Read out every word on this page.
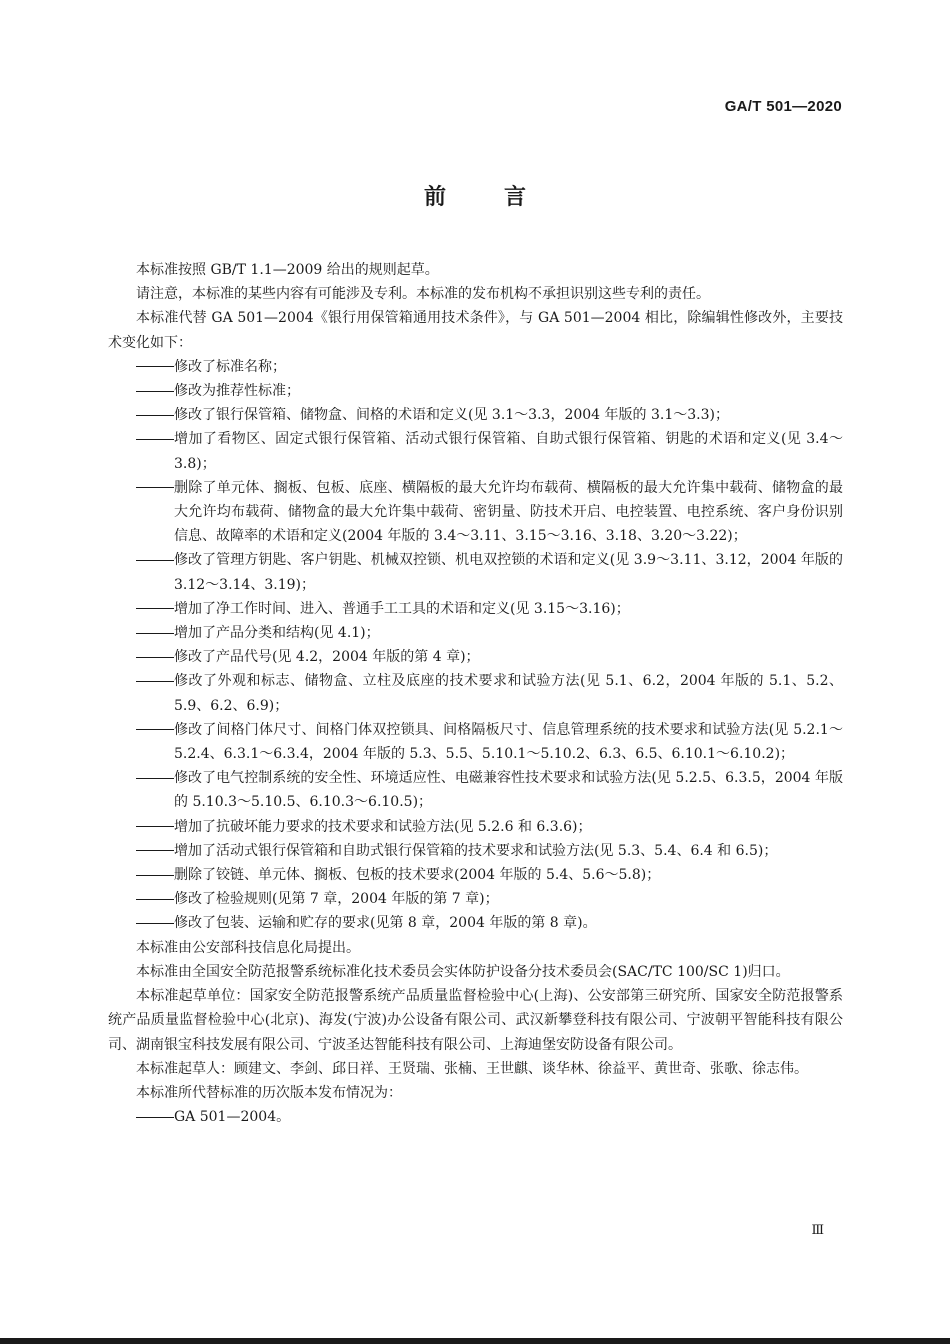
GA/T 501—2020
前言

本标准按照 GB/T 1.1—2009 给出的规则起草。

请注意，本标准的某些内容有可能涉及专利。本标准的发布机构不承担识别这些专利的责任。

本标准代替 GA 501—2004《银行用保管箱通用技术条件》，与 GA 501—2004 相比，除编辑性修改外，主要技术变化如下：

修改了标准名称；
修改为推荐性标准；
修改了银行保管箱、储物盒、间格的术语和定义(见 3.1～3.3，2004 年版的 3.1～3.3)；
增加了看物区、固定式银行保管箱、活动式银行保管箱、自助式银行保管箱、钥匙的术语和定义(见 3.4～3.8)；
删除了单元体、搁板、包板、底座、横隔板的最大允许均布载荷、横隔板的最大允许集中载荷、储物盒的最大允许均布载荷、储物盒的最大允许集中载荷、密钥量、防技术开启、电控装置、电控系统、客户身份识别信息、故障率的术语和定义(2004 年版的 3.4～3.11、3.15～3.16、3.18、3.20～3.22)；
修改了管理方钥匙、客户钥匙、机械双控锁、机电双控锁的术语和定义(见 3.9～3.11、3.12，2004 年版的 3.12～3.14、3.19)；
增加了净工作时间、进入、普通手工工具的术语和定义(见 3.15～3.16)；
增加了产品分类和结构(见 4.1)；
修改了产品代号(见 4.2，2004 年版的第 4 章)；
修改了外观和标志、储物盒、立柱及底座的技术要求和试验方法(见 5.1、6.2，2004 年版的 5.1、5.2、5.9、6.2、6.9)；
修改了间格门体尺寸、间格门体双控锁具、间格隔板尺寸、信息管理系统的技术要求和试验方法(见 5.2.1～5.2.4、6.3.1～6.3.4，2004 年版的 5.3、5.5、5.10.1～5.10.2、6.3、6.5、6.10.1～6.10.2)；
修改了电气控制系统的安全性、环境适应性、电磁兼容性技术要求和试验方法(见 5.2.5、6.3.5，2004 年版的 5.10.3～5.10.5、6.10.3～6.10.5)；
增加了抗破坏能力要求的技术要求和试验方法(见 5.2.6 和 6.3.6)；
增加了活动式银行保管箱和自助式银行保管箱的技术要求和试验方法(见 5.3、5.4、6.4 和 6.5)；
删除了铰链、单元体、搁板、包板的技术要求(2004 年版的 5.4、5.6～5.8)；
修改了检验规则(见第 7 章，2004 年版的第 7 章)；
修改了包装、运输和贮存的要求(见第 8 章，2004 年版的第 8 章)。

本标准由公安部科技信息化局提出。

本标准由全国安全防范报警系统标准化技术委员会实体防护设备分技术委员会(SAC/TC 100/SC 1)归口。

本标准起草单位：国家安全防范报警系统产品质量监督检验中心(上海)、公安部第三研究所、国家安全防范报警系统产品质量监督检验中心(北京)、海发(宁波)办公设备有限公司、武汉新攀登科技有限公司、宁波朝平智能科技有限公司、湖南银宝科技发展有限公司、宁波圣达智能科技有限公司、上海迪堡安防设备有限公司。

本标准起草人：顾建文、李剑、邱日祥、王贤瑞、张楠、王世麒、谈华林、徐益平、黄世奇、张歌、徐志伟。

本标准所代替标准的历次版本发布情况为：

GA 501—2004。
Ⅲ
